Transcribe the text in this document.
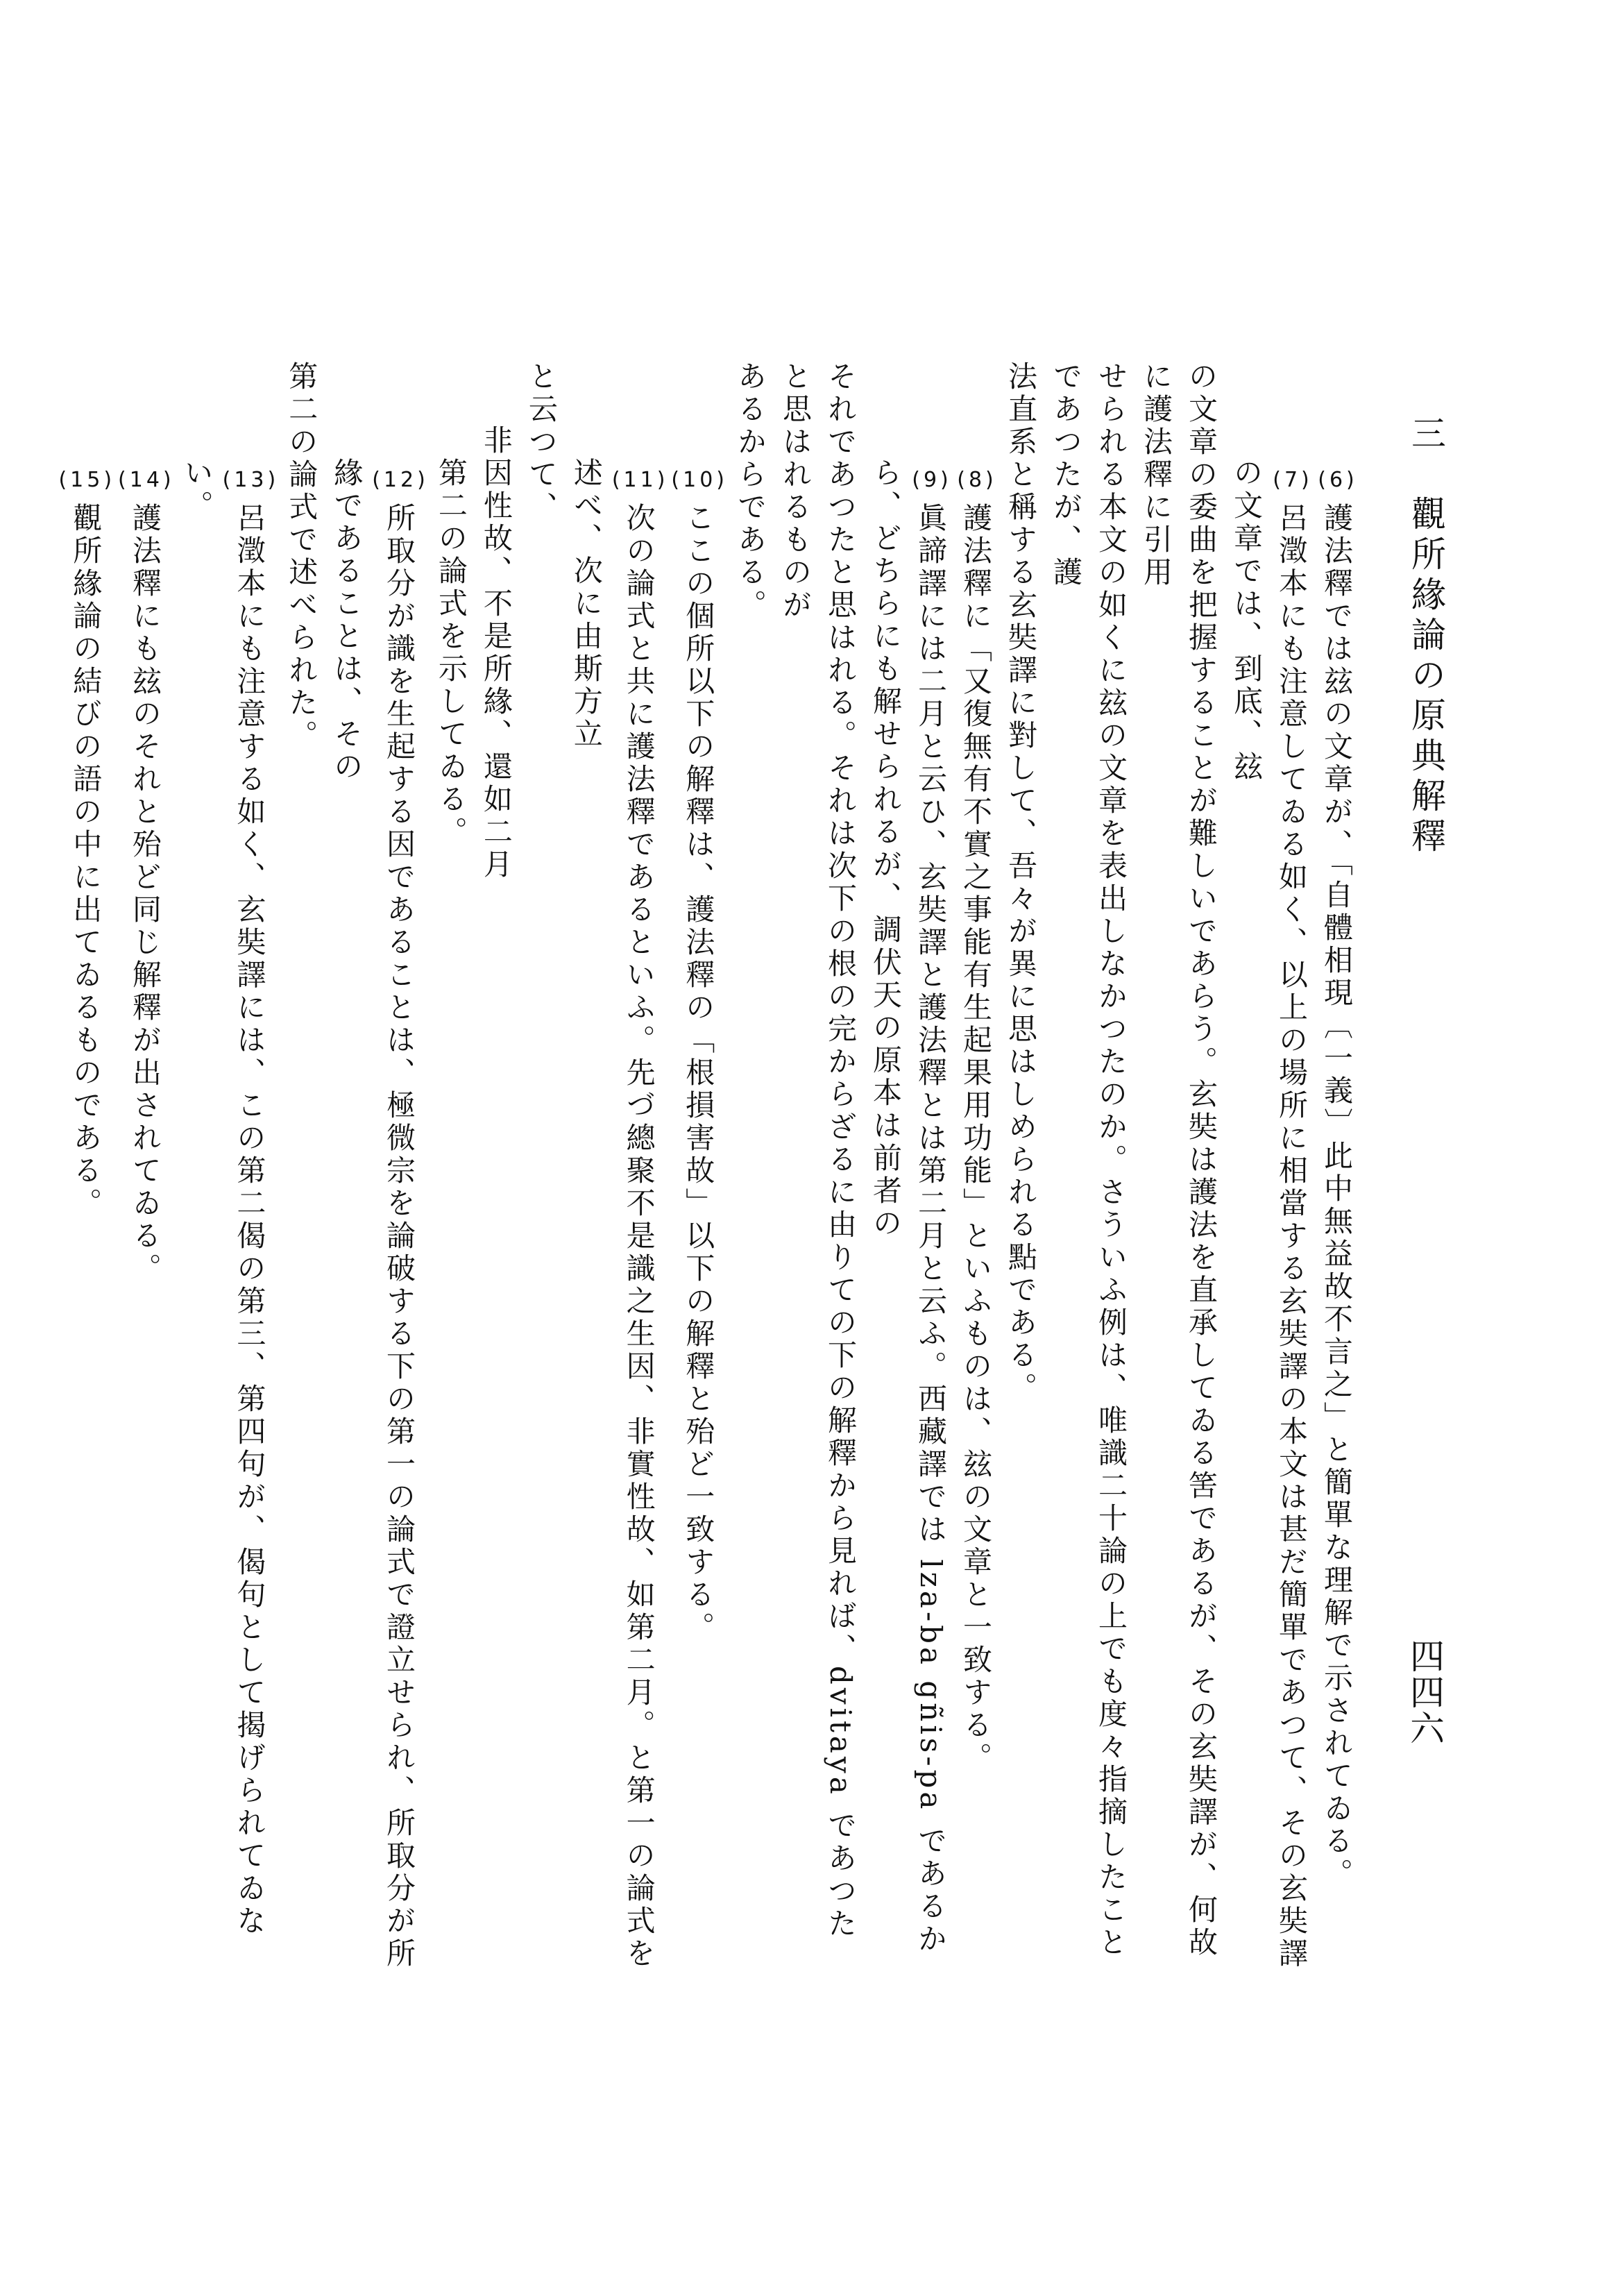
三　觀所緣論の原典解釋
四四六
(6)護法釋では玆の文章が、「自體相現〔一義〕此中無益故不言之」と簡單な理解で示されてゐる。
(7)呂澂本にも注意してゐる如く、以上の場所に相當する玄奘譯の本文は甚だ簡單であつて、その玄奘譯の文章では、到底、玆
の文章の委曲を把握することが難しいであらう。玄奘は護法を直承してゐる筈であるが、その玄奘譯が、何故に護法釋に引用
せられる本文の如くに玆の文章を表出しなかつたのか。さういふ例は、唯識二十論の上でも度々指摘したことであつたが、護
法直系と稱する玄奘譯に對して、吾々が異に思はしめられる點である。
(8)護法釋に「又復無有不實之事能有生起果用功能」といふものは、玆の文章と一致する。
(9)眞諦譯には二月と云ひ、玄奘譯と護法釋とは第二月と云ふ。西藏譯では lza-ba gñis-pa であるから、どちらにも解せられるが、調伏天の原本は前者の
それであつたと思はれる。それは次下の根の完からざるに由りての下の解釋から見れば、dvitaya であつたと思はれるものが
あるからである。
(10)ここの個所以下の解釋は、護法釋の「根損害故」以下の解釋と殆ど一致する。
(11)次の論式と共に護法釋であるといふ。先づ總聚不是識之生因、非實性故、如第二月。と第一の論式を述べ、次に由斯方立
と云つて、
非因性故、不是所緣、還如二月
第二の論式を示してゐる。
(12)所取分が識を生起する因であることは、極微宗を論破する下の第一の論式で證立せられ、所取分が所緣であることは、その
第二の論式で述べられた。
(13)呂澂本にも注意する如く、玄奘譯には、この第二偈の第三、第四句が、偈句として揭げられてゐない。
(14)護法釋にも玆のそれと殆ど同じ解釋が出されてゐる。
(15)觀所緣論の結びの語の中に出てゐるものである。
